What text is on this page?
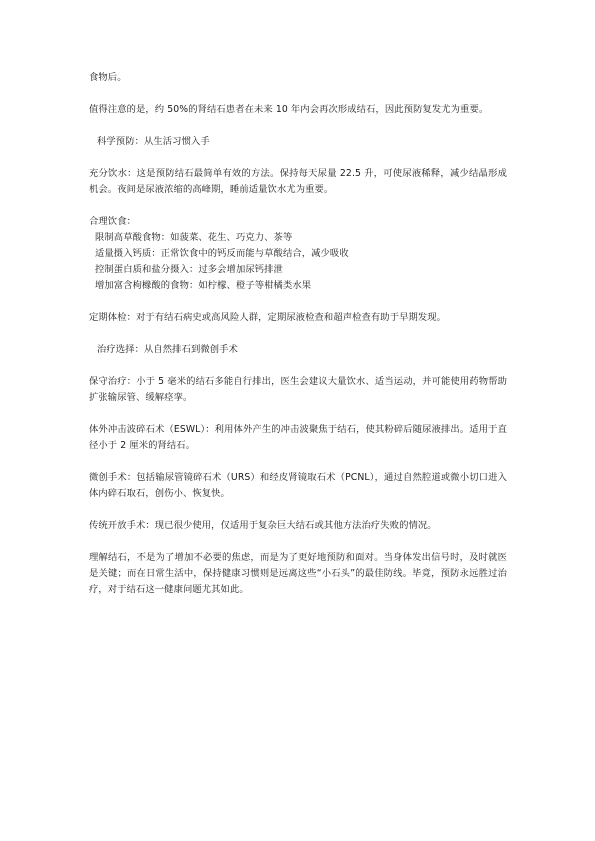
食物后。

值得注意的是，约 50%的肾结石患者在未来 10 年内会再次形成结石，因此预防复发尤为重要。

科学预防：从生活习惯入手

充分饮水：这是预防结石最简单有效的方法。保持每天尿量 22.5 升，可使尿液稀释，减少结晶形成机会。夜间是尿液浓缩的高峰期，睡前适量饮水尤为重要。

合理饮食：

限制高草酸食物：如菠菜、花生、巧克力、茶等
适量摄入钙质：正常饮食中的钙反而能与草酸结合，减少吸收
控制蛋白质和盐分摄入：过多会增加尿钙排泄
增加富含枸橼酸的食物：如柠檬、橙子等柑橘类水果

定期体检：对于有结石病史或高风险人群，定期尿液检查和超声检查有助于早期发现。

治疗选择：从自然排石到微创手术

保守治疗：小于 5 毫米的结石多能自行排出，医生会建议大量饮水、适当运动，并可能使用药物帮助扩张输尿管、缓解痉挛。

体外冲击波碎石术（ESWL）：利用体外产生的冲击波聚焦于结石，使其粉碎后随尿液排出。适用于直径小于 2 厘米的肾结石。

微创手术：包括输尿管镜碎石术（URS）和经皮肾镜取石术（PCNL），通过自然腔道或微小切口进入体内碎石取石，创伤小、恢复快。

传统开放手术：现已很少使用，仅适用于复杂巨大结石或其他方法治疗失败的情况。

理解结石，不是为了增加不必要的焦虑，而是为了更好地预防和面对。当身体发出信号时，及时就医是关键；而在日常生活中，保持健康习惯则是远离这些“小石头”的最佳防线。毕竟，预防永远胜过治疗，对于结石这一健康问题尤其如此。
